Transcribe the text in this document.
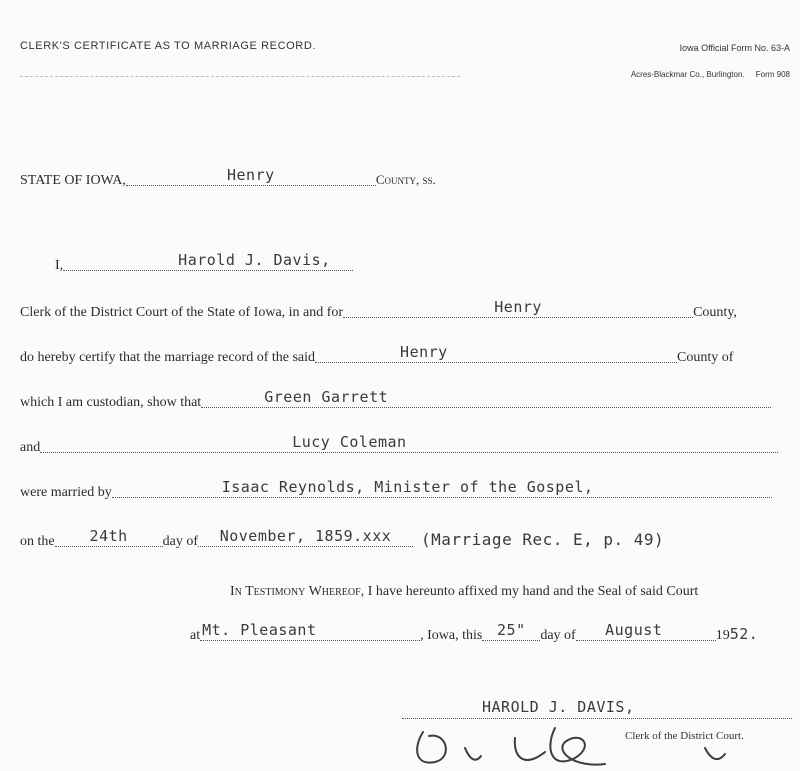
CLERK'S CERTIFICATE AS TO MARRIAGE RECORD.	Iowa Official Form No. 63-A
Acres-Blackmar Co., Burlington. Form 908
STATE OF IOWA,	Henry	County, ss.
I,	Harold J. Davis,
Clerk of the District Court of the State of Iowa, in and for	Henry	County,
do hereby certify that the marriage record of the said	Henry	County of
which I am custodian, show that	Green Garrett
and	Lucy Coleman
were married by	Isaac Reynolds, Minister of the Gospel,
on the	24th	day of	November, 1859.xxx	(Marriage Rec. E, p. 49)
In Testimony Whereof,
I have hereunto affixed my hand and the Seal of said Court
at Mt. Pleasant	, Iowa, this 25"	day of	August	19 52.
HAROLD J. DAVIS,
Clerk of the District Court.
